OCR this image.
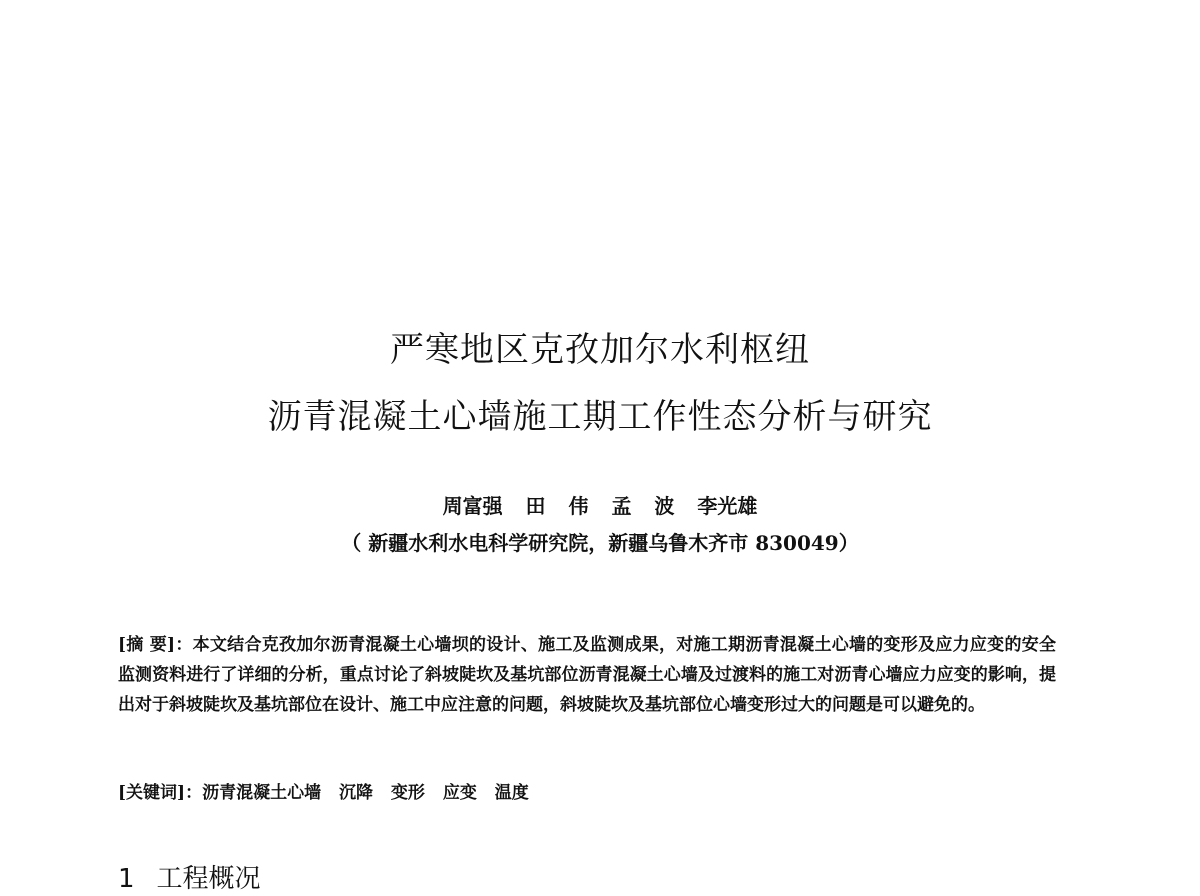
严寒地区克孜加尔水利枢纽
沥青混凝土心墙施工期工作性态分析与研究
周富强 田 伟 孟 波 李光雄
（ 新疆水利水电科学研究院，新疆乌鲁木齐市 830049）
[摘 要]：本文结合克孜加尔沥青混凝土心墙坝的设计、施工及监测成果，对施工期沥青混凝土心墙的变形及应力应变的安全监测资料进行了详细的分析，重点讨论了斜坡陡坎及基坑部位沥青混凝土心墙及过渡料的施工对沥青心墙应力应变的影响，提出对于斜坡陡坎及基坑部位在设计、施工中应注意的问题，斜坡陡坎及基坑部位心墙变形过大的问题是可以避免的。
[关键词]：沥青混凝土心墙 沉降 变形 应变 温度
1 工程概况
